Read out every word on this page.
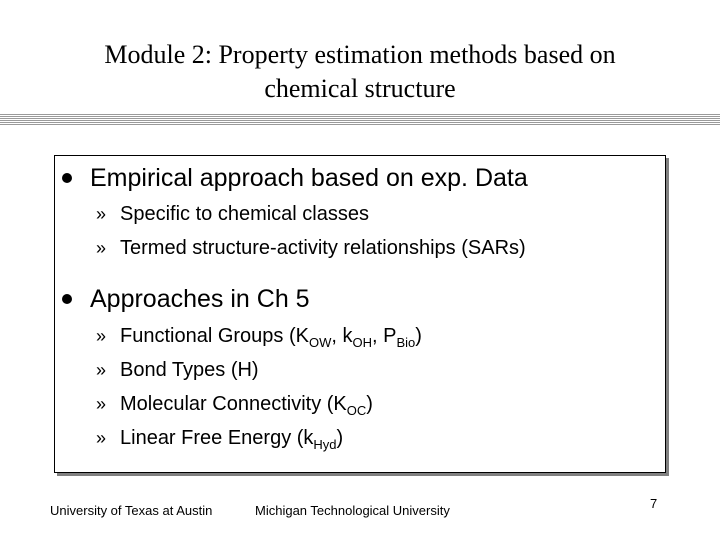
Module 2: Property estimation methods based on
chemical structure
Empirical approach based on exp. Data
» Specific to chemical classes
» Termed structure-activity relationships (SARs)
Approaches in Ch 5
» Functional Groups ($K_{OW}$, $k_{OH}$, $P_{Bio}$)
» Bond Types (H)
» Molecular Connectivity $(K_{OC})$
» Linear Free Energy $(k_{Hyd})$
University of Texas at Austin	Michigan Technological University	7
